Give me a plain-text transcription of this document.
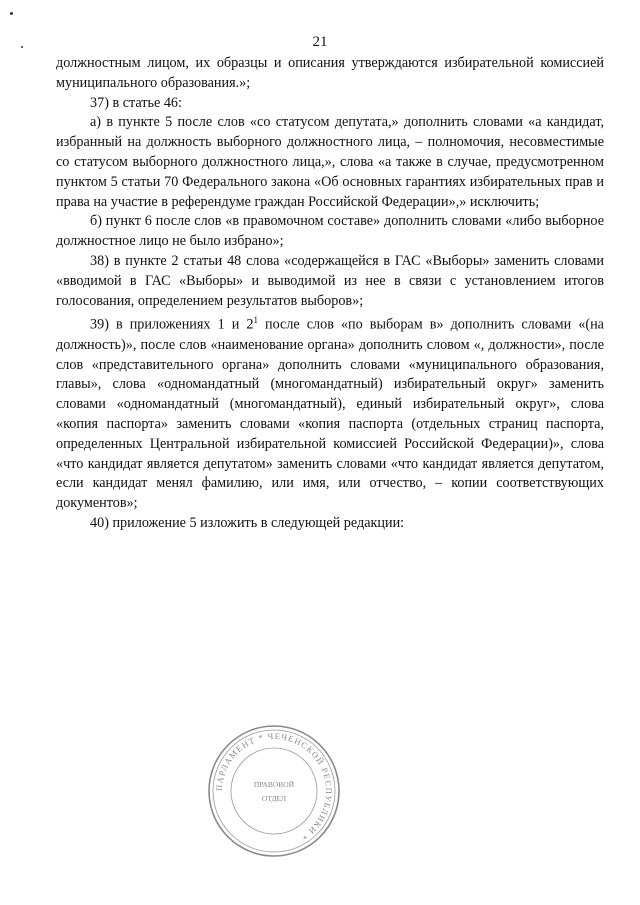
21

должностным лицом, их образцы и описания утверждаются избирательной комиссией муниципального образования.»;

37) в статье 46:

а) в пункте 5 после слов «со статусом депутата,» дополнить словами «а кандидат, избранный на должность выборного должностного лица, – полномочия, несовместимые со статусом выборного должностного лица,», слова «а также в случае, предусмотренном пунктом 5 статьи 70 Федерального закона «Об основных гарантиях избирательных прав и права на участие в референдуме граждан Российской Федерации»,» исключить;

б) пункт 6 после слов «в правомочном составе» дополнить словами «либо выборное должностное лицо не было избрано»;

38) в пункте 2 статьи 48 слова «содержащейся в ГАС «Выборы» заменить словами «вводимой в ГАС «Выборы» и выводимой из нее в связи с установлением итогов голосования, определением результатов выборов»;

39) в приложениях 1 и $2^1$ после слов «по выборам в» дополнить словами «(на должность)», после слов «наименование органа» дополнить словом «, должности», после слов «представительного органа» дополнить словами «муниципального образования, главы», слова «одномандатный (многомандатный) избирательный округ» заменить словами «одномандатный (многомандатный), единый избирательный округ», слова «копия паспорта» заменить словами «копия паспорта (отдельных страниц паспорта, определенных Центральной избирательной комиссией Российской Федерации)», слова «что кандидат является депутатом» заменить словами «что кандидат является депутатом, если кандидат менял фамилию, или имя, или отчество, – копии соответствующих документов»;

40) приложение 5 изложить в следующей редакции:

ПАРЛАМЕНТ * ЧЕЧЕНСКОЙ РЕСПУБЛИКИ *
ПРАВОВОЙ
ОТДЕЛ
